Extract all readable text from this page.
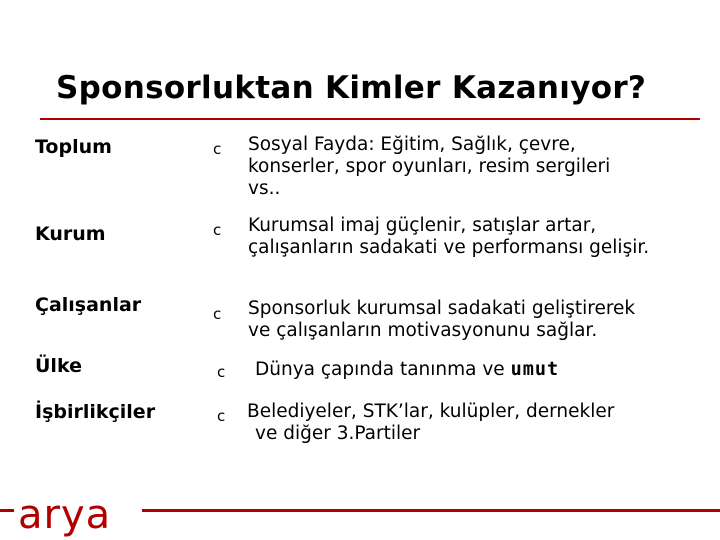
Sponsorluktan Kimler Kazanıyor?
Toplum	c Sosyal Fayda: Eğitim, Sağlık, çevre,
konserler, spor oyunları, resim sergileri
vs..
Kurum	c Kurumsal imaj güçlenir, satışlar artar,
çalışanların sadakati ve performansı gelişir.
Çalışanlar	c Sponsorluk kurumsal sadakati geliştirerek
ve çalışanların motivasyonunu sağlar.
Ülke	c Dünya çapında tanınma ve umut
İşbirlikçiler	c Belediyeler, STK’lar, kulüpler, dernekler
ve diğer 3.Partiler
arya
